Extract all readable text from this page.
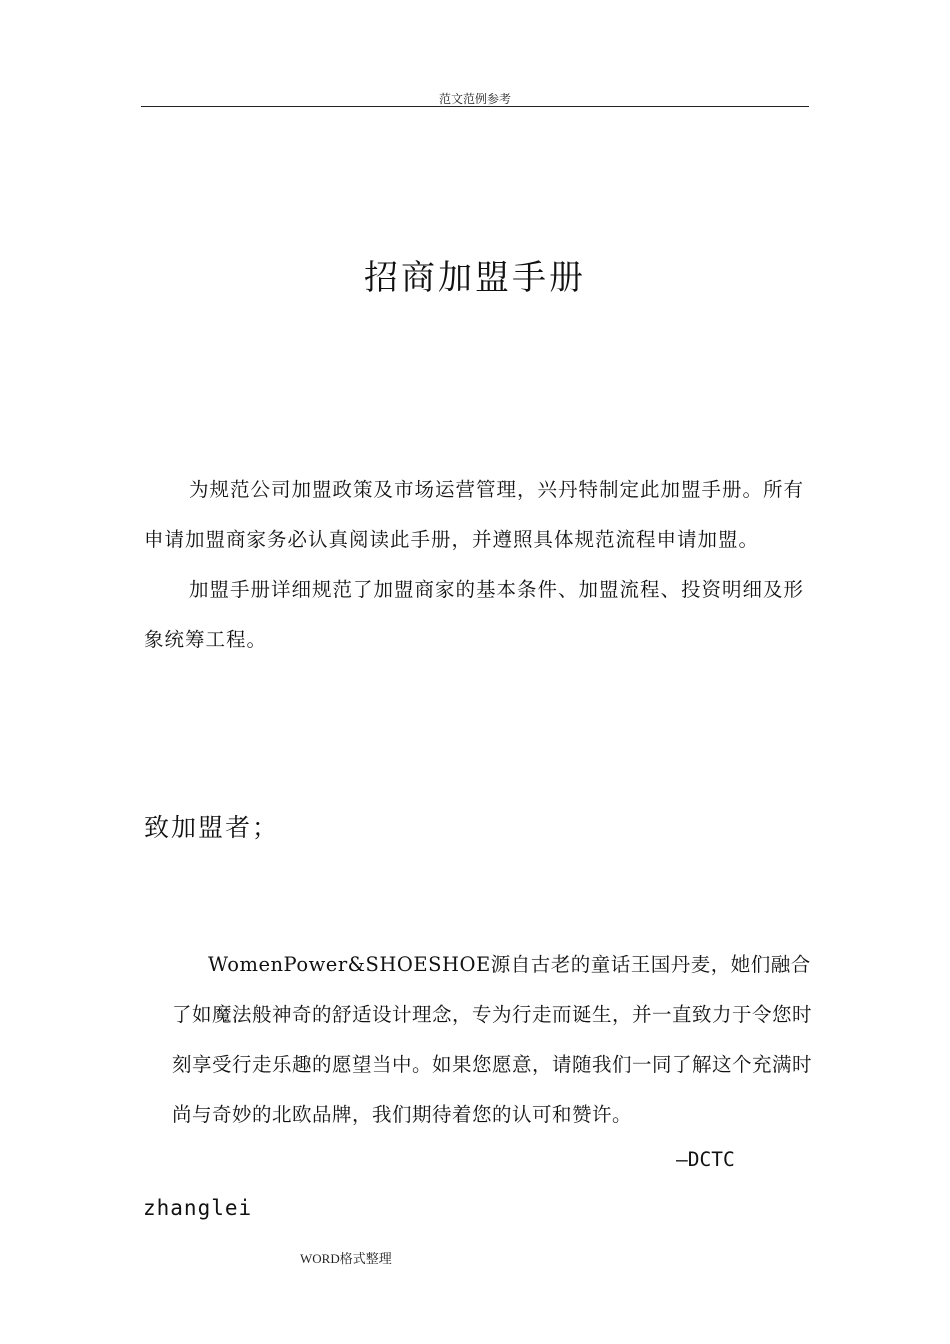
范文范例参考
招商加盟手册

为规范公司加盟政策及市场运营管理，兴丹特制定此加盟手册。所有申请加盟商家务必认真阅读此手册，并遵照具体规范流程申请加盟。

加盟手册详细规范了加盟商家的基本条件、加盟流程、投资明细及形象统筹工程。

致加盟者；

WomenPower&SHOESHOE源自古老的童话王国丹麦，她们融合了如魔法般神奇的舒适设计理念，专为行走而诞生，并一直致力于令您时刻享受行走乐趣的愿望当中。如果您愿意，请随我们一同了解这个充满时尚与奇妙的北欧品牌，我们期待着您的认可和赞许。

—DCTC
zhanglei
WORD格式整理
